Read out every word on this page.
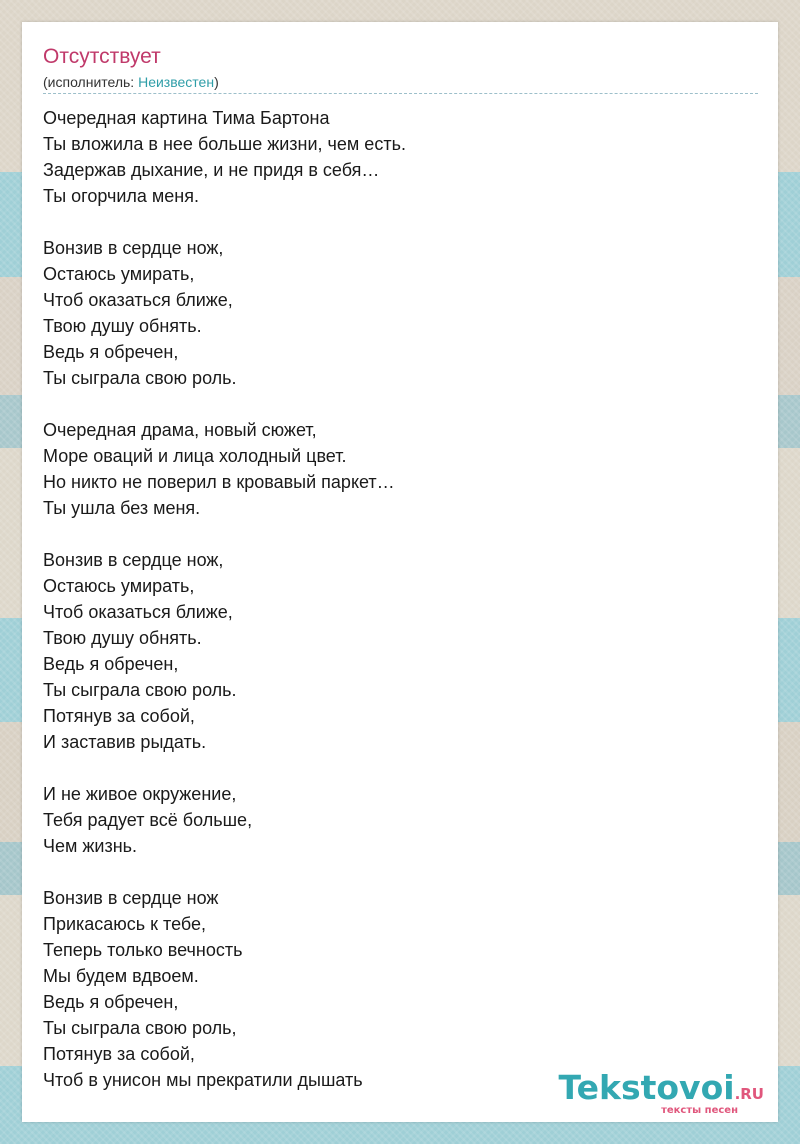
Отсутствует
(исполнитель: Неизвестен)
Очередная картина Тима Бартона
Ты вложила в нее больше жизни, чем есть.
Задержав дыхание, и не придя в себя…
Ты огорчила меня.
Вонзив в сердце нож,
Остаюсь умирать,
Чтоб оказаться ближе,
Твою душу обнять.
Ведь я обречен,
Ты сыграла свою роль.
Очередная драма, новый сюжет,
Море оваций и лица холодный цвет.
Но никто не поверил в кровавый паркет…
Ты ушла без меня.
Вонзив в сердце нож,
Остаюсь умирать,
Чтоб оказаться ближе,
Твою душу обнять.
Ведь я обречен,
Ты сыграла свою роль.
Потянув за собой,
И заставив рыдать.
И не живое окружение,
Тебя радует всё больше,
Чем жизнь.
Вонзив в сердце нож
Прикасаюсь к тебе,
Теперь только вечность
Мы будем вдвоем.
Ведь я обречен,
Ты сыграла свою роль,
Потянув за собой,
Чтоб в унисон мы прекратили дышать	Tekstovoi.RU
тексты песен
